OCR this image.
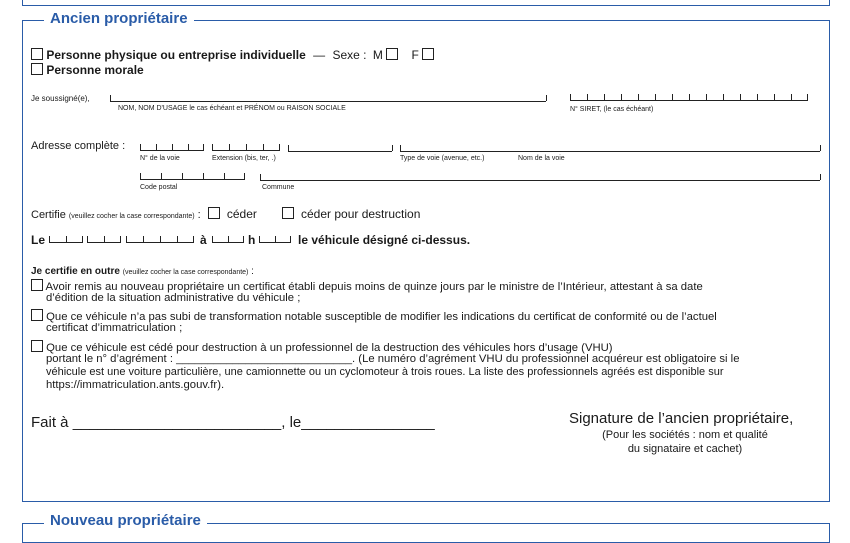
Ancien propriétaire
Personne physique ou entreprise individuelle — Sexe : M F
Personne morale
Je soussigné(e),
NOM, NOM D'USAGE le cas échéant et PRÉNOM ou RAISON SOCIALE	N° SIRET, (le cas échéant)
Adresse complète :
N° de la voie	Extension (bis, ter, .)	Type de voie (avenue, etc.)	Nom de la voie
Code postal	Commune
Certifie (veuillez cocher la case correspondante) : céder	céder pour destruction
Le	à	h	le véhicule désigné ci-dessus.
Je certifie en outre (veuillez cocher la case correspondante) :
Avoir remis au nouveau propriétaire un certificat établi depuis moins de quinze jours par le ministre de l’Intérieur, attestant à sa date
d’édition de la situation administrative du véhicule ;
Que ce véhicule n’a pas subi de transformation notable susceptible de modifier les indications du certificat de conformité ou de l’actuel
certificat d’immatriculation ;
Que ce véhicule est cédé pour destruction à un professionnel de la destruction des véhicules hors d’usage (VHU)
portant le n° d’agrément : ____________________________. (Le numéro d’agrément VHU du professionnel acquéreur est obligatoire si le
véhicule est une voiture particulière, une camionnette ou un cyclomoteur à trois roues. La liste des professionnels agréés est disponible sur
https://immatriculation.ants.gouv.fr).
Fait à _________________________, le________________	Signature de l’ancien propriétaire,
(Pour les sociétés : nom et qualité
du signataire et cachet)
Nouveau propriétaire
